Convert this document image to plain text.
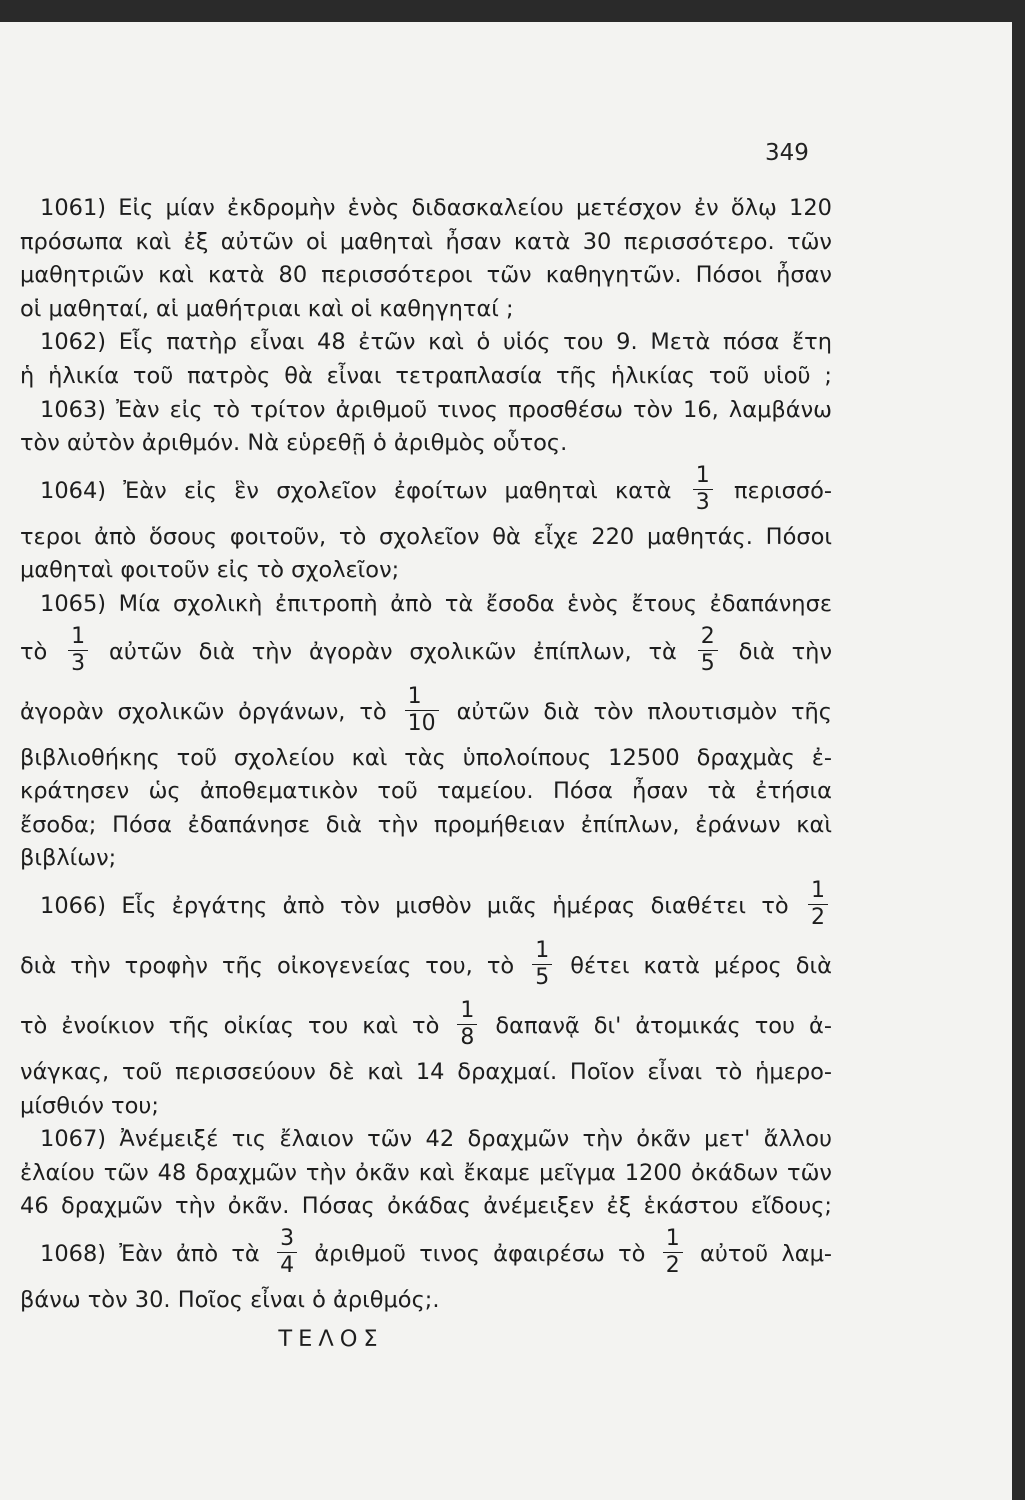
349
1061) Εἰς μίαν ἐκδρομὴν ἑνὸς διδασκαλείου μετέσχον ἐν ὅλῳ 120
πρόσωπα καὶ ἐξ αὐτῶν οἱ μαθηταὶ ἦσαν κατὰ 30 περισσότερο. τῶν
μαθητριῶν καὶ κατὰ 80 περισσότεροι τῶν καθηγητῶν. Πόσοι ἦσαν
οἱ μαθηταί, αἱ μαθήτριαι καὶ οἱ καθηγηταί ;
1062) Εἷς πατὴρ εἶναι 48 ἐτῶν καὶ ὁ υἱός του 9. Μετὰ πόσα ἔτη
ἡ ἡλικία τοῦ πατρὸς θὰ εἶναι τετραπλασία τῆς ἡλικίας τοῦ υἱοῦ ;
1063) Ἐὰν εἰς τὸ τρίτον ἀριθμοῦ τινος προσθέσω τὸν 16, λαμβάνω
τὸν αὐτὸν ἀριθμόν. Νὰ εὑρεθῇ ὁ ἀριθμὸς οὗτος.
1064) Ἐὰν εἰς ἓν σχολεῖον ἐφοίτων μαθηταὶ κατὰ $\frac{1}{3} \pi\varepsilon\rho\iota\sigma\sigma ό-$
τεροι ἀπὸ ὅσους φοιτοῦν, τὸ σχολεῖον θὰ εἶχε 220 μαθητάς. Πόσοι
μαθηταὶ φοιτοῦν εἰς τὸ σχολεῖον;
1065) Μία σχολικὴ ἐπιτροπὴ ἀπὸ τὰ ἔσοδα ἑνὸς ἔτους ἐδαπάνησε
τὸ $\frac{1}{3}$ αὐτῶν διὰ τὴν ἀγορὰν σχολικῶν ἐπίπλων, τὰ $\frac{2}{5}$ διὰ τὴν
ἀγορὰν σχολικῶν ὀργάνων, τὸ $\frac{1}{10}$ αὐτῶν διὰ τὸν πλουτισμὸν τῆς
βιβλιοθήκης τοῦ σχολείου καὶ τὰς ὑπολοίπους 12500 δραχμὰς ἐ-
κράτησεν ὡς ἀποθεματικὸν τοῦ ταμείου. Πόσα ἦσαν τὰ ἐτήσια
ἔσοδα; Πόσα ἐδαπάνησε διὰ τὴν προμήθειαν ἐπίπλων, ἐράνων καὶ
βιβλίων;
1066) Εἷς ἐργάτης ἀπὸ τὸν μισθὸν μιᾶς ἡμέρας διαθέτει τὸ $\frac{1}{2}$
διὰ τὴν τροφὴν τῆς οἰκογενείας του, τὸ $\frac{1}{5}$ θέτει κατὰ μέρος διὰ
τὸ ἐνοίκιον τῆς οἰκίας του καὶ τὸ $\frac{1}{8}$ δαπανᾷ δι' ἀτομικάς του ἀ-
νάγκας, τοῦ περισσεύουν δὲ καὶ 14 δραχμαί. Ποῖον εἶναι τὸ ἡμερο-
μίσθιόν του;
1067) Ἀνέμειξέ τις ἔλαιον τῶν 42 δραχμῶν τὴν ὀκᾶν μετ' ἄλλου
ἐλαίου τῶν 48 δραχμῶν τὴν ὀκᾶν καὶ ἔκαμε μεῖγμα 1200 ὀκάδων τῶν
46 δραχμῶν τὴν ὀκᾶν. Πόσας ὀκάδας ἀνέμειξεν ἐξ ἑκάστου εἴδους;
1068) Ἐὰν ἀπὸ τὰ $\frac{3}{4}$ ἀριθμοῦ τινος ἀφαιρέσω τὸ $\frac{1}{2}$ αὐτοῦ λαμ-
βάνω τὸν 30. Ποῖος εἶναι ὁ ἀριθμός;.
ΤΕΛΟΣ
